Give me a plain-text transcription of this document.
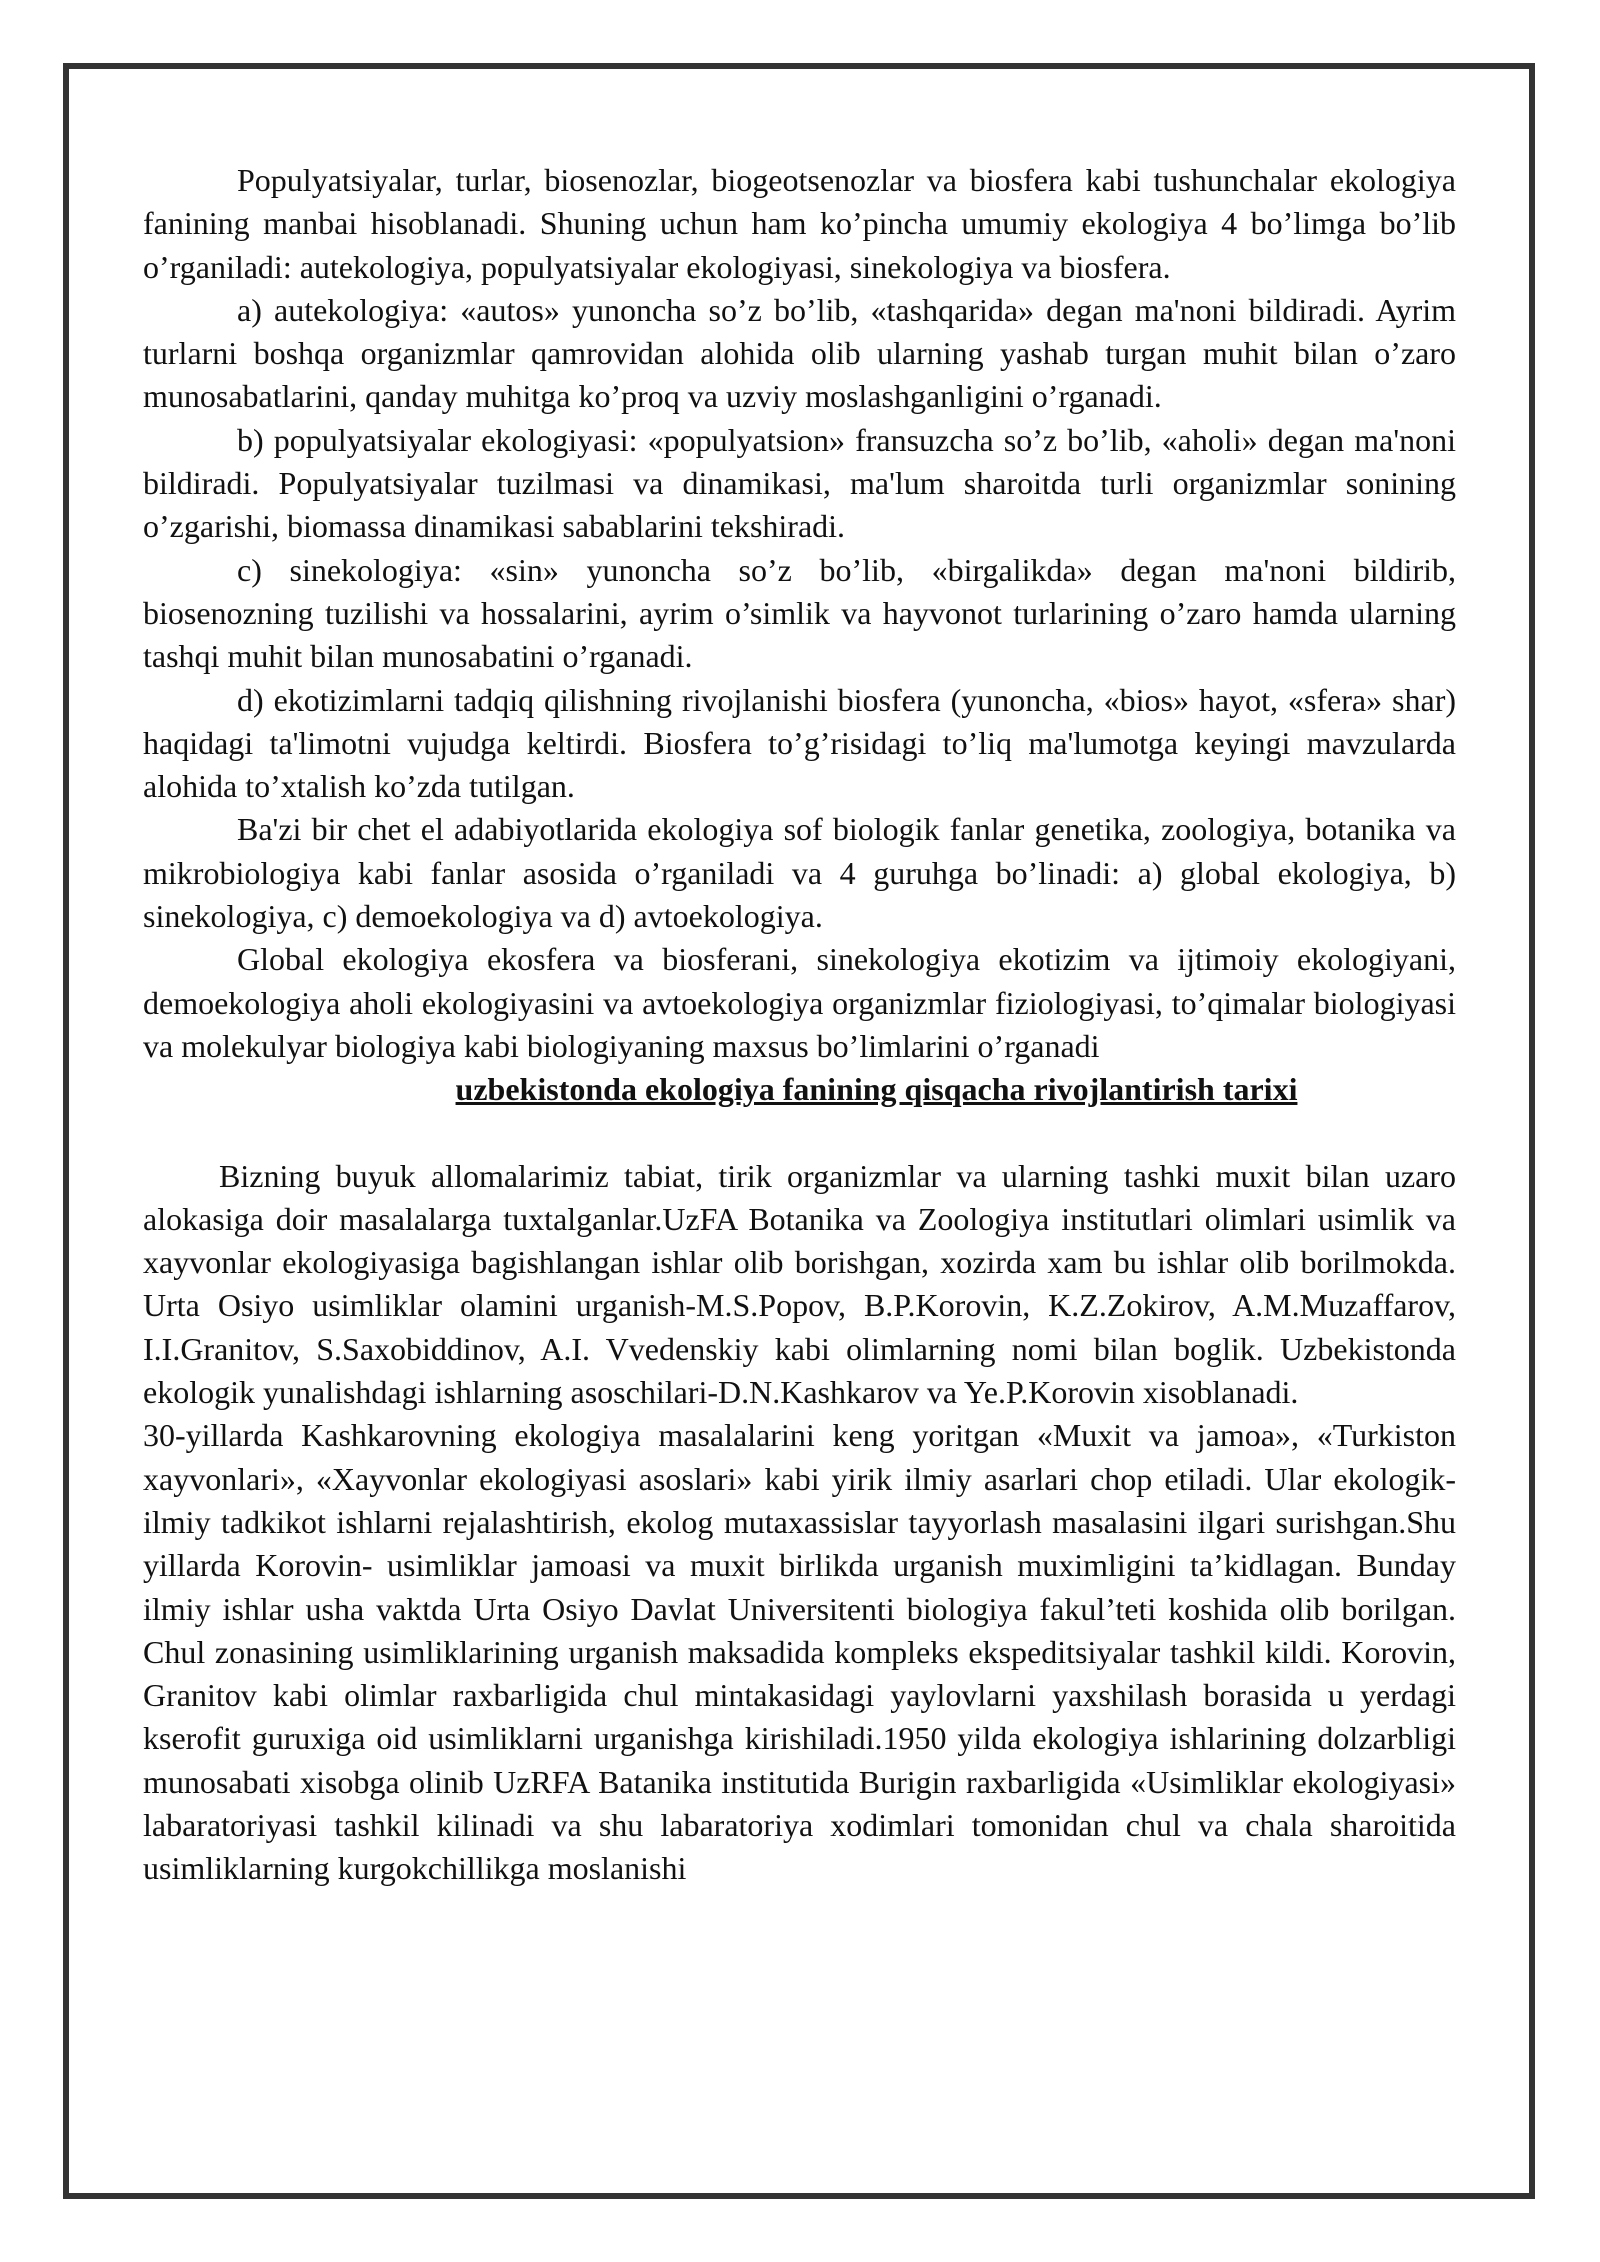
Populyatsiyalar, turlar, biosenozlar, biogeotsenozlar va biosfera kabi tushunchalar ekologiya fanining manbai hisoblanadi. Shuning uchun ham ko’pincha umumiy ekologiya 4 bo’limga bo’lib o’rganiladi: autekologiya, populyatsiyalar ekologiyasi, sinekologiya va biosfera.

a) autekologiya: «autos» yunoncha so’z bo’lib, «tashqarida» degan ma'noni bildiradi. Ayrim turlarni boshqa organizmlar qamrovidan alohida olib ularning yashab turgan muhit bilan o’zaro munosabatlarini, qanday muhitga ko’proq va uzviy moslashganligini o’rganadi.

b) populyatsiyalar ekologiyasi: «populyatsion» fransuzcha so’z bo’lib, «aholi» degan ma'noni bildiradi. Populyatsiyalar tuzilmasi va dinamikasi, ma'lum sharoitda turli organizmlar sonining o’zgarishi, biomassa dinamikasi sabablarini tekshiradi.

c) sinekologiya: «sin» yunoncha so’z bo’lib, «birgalikda» degan ma'noni bildirib, biosenozning tuzilishi va hossalarini, ayrim o’simlik va hayvonot turlarining o’zaro hamda ularning tashqi muhit bilan munosabatini o’rganadi.

d) ekotizimlarni tadqiq qilishning rivojlanishi biosfera (yunoncha, «bios» hayot, «sfera» shar) haqidagi ta'limotni vujudga keltirdi. Biosfera to’g’risidagi to’liq ma'lumotga keyingi mavzularda alohida to’xtalish ko’zda tutilgan.

Ba'zi bir chet el adabiyotlarida ekologiya sof biologik fanlar genetika, zoologiya, botanika va mikrobiologiya kabi fanlar asosida o’rganiladi va 4 guruhga bo’linadi: a) global ekologiya, b) sinekologiya, c) demoekologiya va d) avtoekologiya.

Global ekologiya ekosfera va biosferani, sinekologiya ekotizim va ijtimoiy ekologiyani, demoekologiya aholi ekologiyasini va avtoekologiya organizmlar fiziologiyasi, to’qimalar biologiyasi va molekulyar biologiya kabi biologiyaning maxsus bo’limlarini o’rganadi

uzbekistonda ekologiya fanining qisqacha rivojlantirish tarixi

Bizning buyuk allomalarimiz tabiat, tirik organizmlar va ularning tashki muxit bilan uzaro alokasiga doir masalalarga tuxtalganlar.UzFA Botanika va Zoologiya institutlari olimlari usimlik va xayvonlar ekologiyasiga bagishlangan ishlar olib borishgan, xozirda xam bu ishlar olib borilmokda. Urta Osiyo usimliklar olamini urganish-M.S.Popov, B.P.Korovin, K.Z.Zokirov, A.M.Muzaffarov, I.I.Granitov, S.Saxobiddinov, A.I. Vvedenskiy kabi olimlarning nomi bilan boglik. Uzbekistonda ekologik yunalishdagi ishlarning asoschilari-D.N.Kashkarov va Ye.P.Korovin xisoblanadi.

30-yillarda Kashkarovning ekologiya masalalarini keng yoritgan «Muxit va jamoa», «Turkiston xayvonlari», «Xayvonlar ekologiyasi asoslari» kabi yirik ilmiy asarlari chop etiladi. Ular ekologik-ilmiy tadkikot ishlarni rejalashtirish, ekolog mutaxassislar tayyorlash masalasini ilgari surishgan.Shu yillarda Korovin- usimliklar jamoasi va muxit birlikda urganish muximligini ta’kidlagan. Bunday ilmiy ishlar usha vaktda Urta Osiyo Davlat Universitenti biologiya fakul’teti koshida olib borilgan. Chul zonasining usimliklarining urganish maksadida kompleks ekspeditsiyalar tashkil kildi. Korovin, Granitov kabi olimlar raxbarligida chul mintakasidagi yaylovlarni yaxshilash borasida u yerdagi kserofit guruxiga oid usimliklarni urganishga kirishiladi.1950 yilda ekologiya ishlarining dolzarbligi munosabati xisobga olinib UzRFA Batanika institutida Burigin raxbarligida «Usimliklar ekologiyasi» labaratoriyasi tashkil kilinadi va shu labaratoriya xodimlari tomonidan chul va chala sharoitida usimliklarning kurgokchillikga moslanishi
